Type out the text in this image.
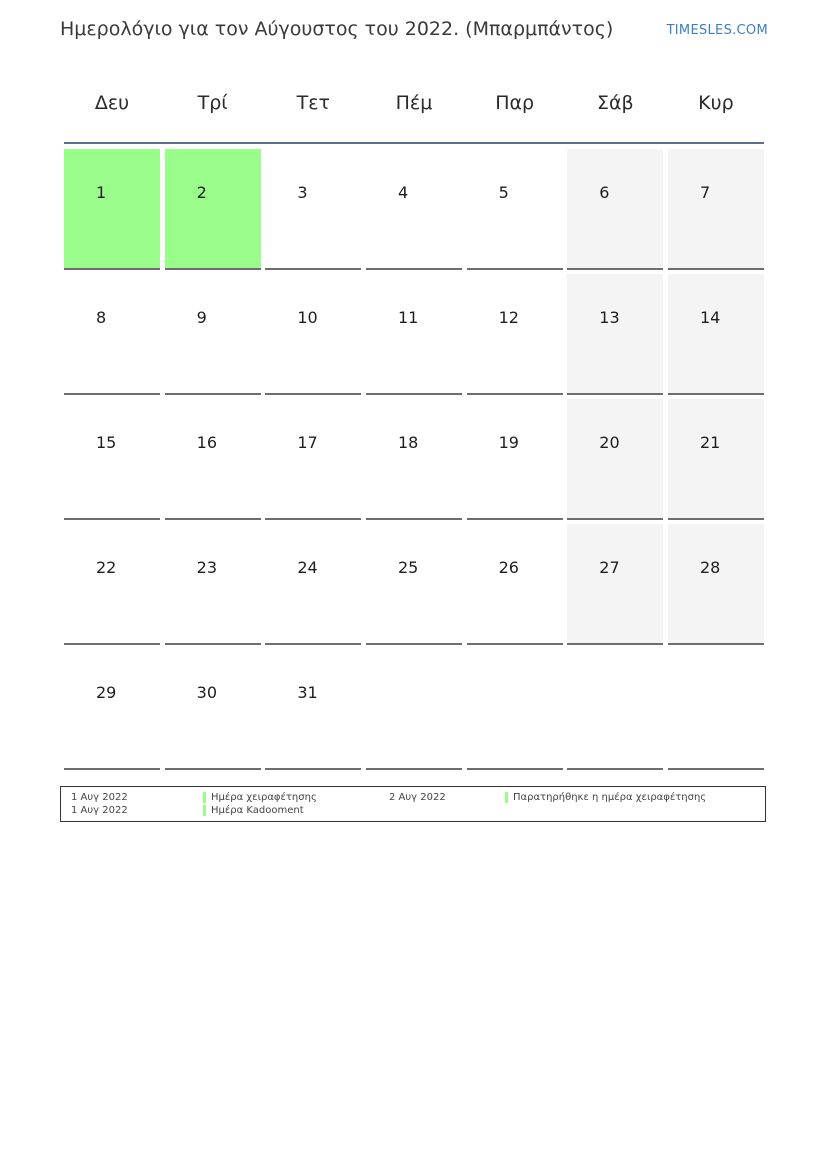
Ημερολόγιο για τον Αύγουστος του 2022. (Μπαρμπάντος)	TIMESLES.COM
Δευ	Τρί	Τετ	Πέμ	Παρ	Σάβ	Κυρ
1	2	3	4	5	6	7
8	9	10	11	12	13	14
15	16	17	18	19	20	21
22	23	24	25	26	27	28
29	30	31
1 Αυγ 2022	Ημέρα χειραφέτησης
1 Αυγ 2022	Ημέρα Kadooment
2 Αυγ 2022	Παρατηρήθηκε η ημέρα χειραφέτησης
